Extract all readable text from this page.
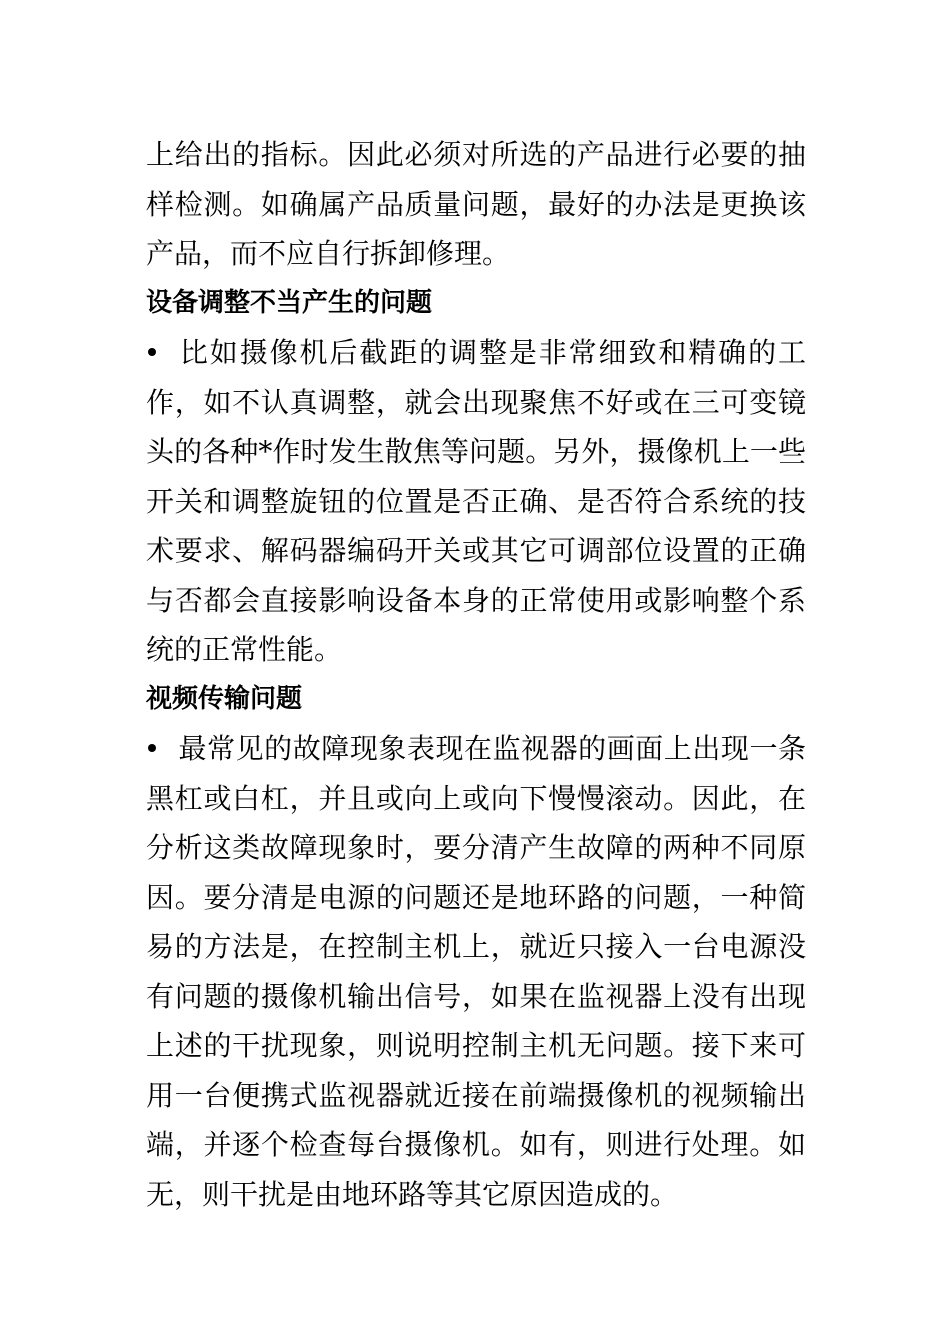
上给出的指标。因此必须对所选的产品进行必要的抽样检测。如确属产品质量问题，最好的办法是更换该产品，而不应自行拆卸修理。

设备调整不当产生的问题

比如摄像机后截距的调整是非常细致和精确的工作，如不认真调整，就会出现聚焦不好或在三可变镜头的各种*作时发生散焦等问题。另外，摄像机上一些开关和调整旋钮的位置是否正确、是否符合系统的技术要求、解码器编码开关或其它可调部位设置的正确与否都会直接影响设备本身的正常使用或影响整个系统的正常性能。

视频传输问题

最常见的故障现象表现在监视器的画面上出现一条黑杠或白杠，并且或向上或向下慢慢滚动。因此，在分析这类故障现象时，要分清产生故障的两种不同原因。要分清是电源的问题还是地环路的问题，一种简易的方法是，在控制主机上，就近只接入一台电源没有问题的摄像机输出信号，如果在监视器上没有出现上述的干扰现象，则说明控制主机无问题。接下来可用一台便携式监视器就近接在前端摄像机的视频输出端，并逐个检查每台摄像机。如有，则进行处理。如无，则干扰是由地环路等其它原因造成的。
